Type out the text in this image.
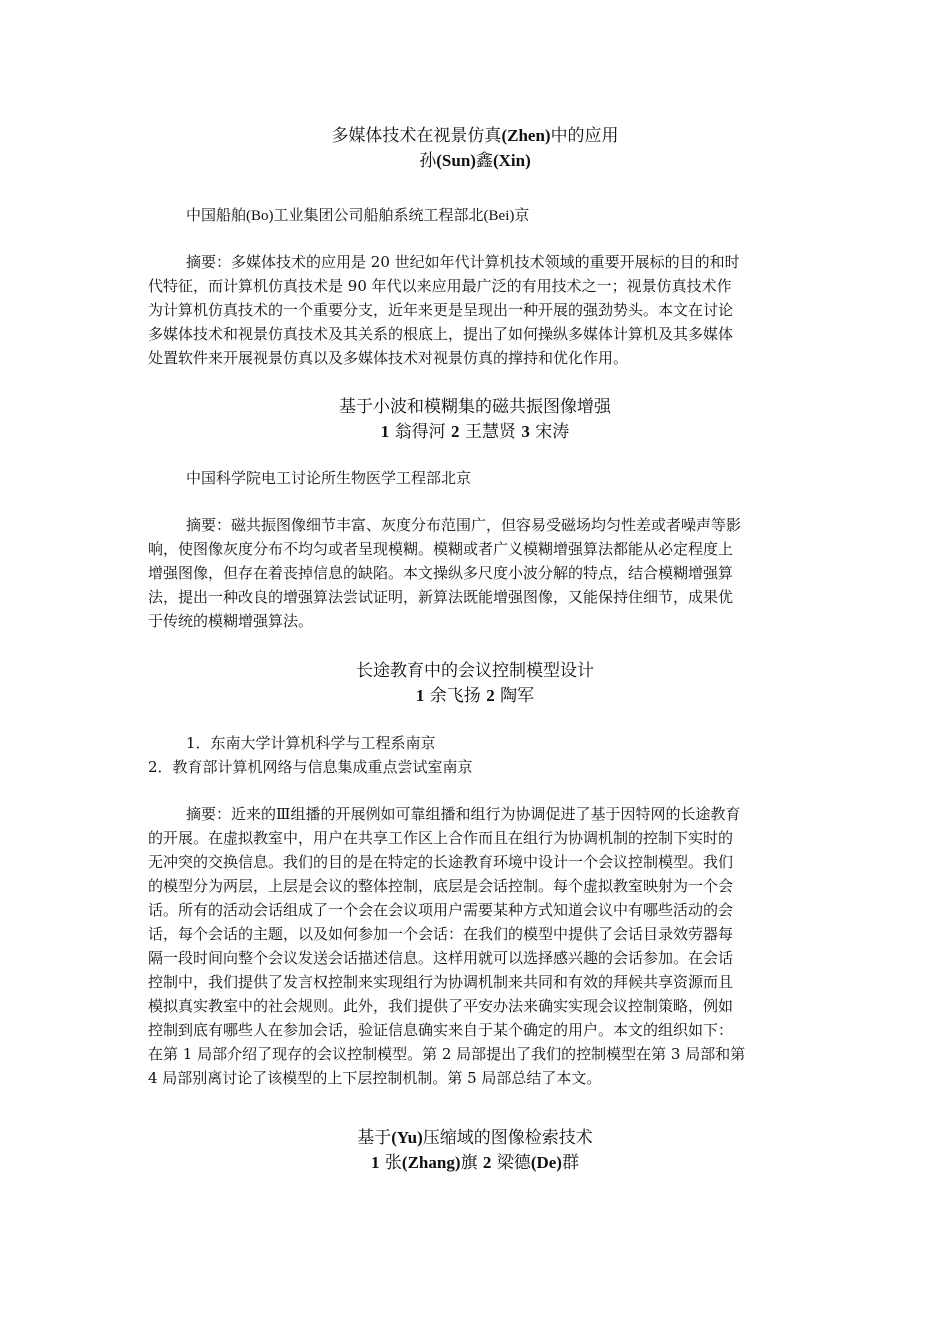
多媒体技术在视景仿真(Zhen)中的应用
孙(Sun)鑫(Xin)
中国船舶(Bo)工业集团公司船舶系统工程部北(Bei)京
摘要：多媒体技术的应用是 20 世纪如年代计算机技术领域的重要开展标的目的和时
代特征，而计算机仿真技术是 90 年代以来应用最广泛的有用技术之一；视景仿真技术作
为计算机仿真技术的一个重要分支，近年来更是呈现出一种开展的强劲势头。本文在讨论
多媒体技术和视景仿真技术及其关系的根底上，提出了如何操纵多媒体计算机及其多媒体
处置软件来开展视景仿真以及多媒体技术对视景仿真的撑持和优化作用。
基于小波和模糊集的磁共振图像增强
1 翁得河 2 王慧贤 3 宋涛
中国科学院电工讨论所生物医学工程部北京
摘要：磁共振图像细节丰富、灰度分布范围广，但容易受磁场均匀性差或者噪声等影
响，使图像灰度分布不均匀或者呈现模糊。模糊或者广义模糊增强算法都能从必定程度上
增强图像，但存在着丧掉信息的缺陷。本文操纵多尺度小波分解的特点，结合模糊增强算
法，提出一种改良的增强算法尝试证明，新算法既能增强图像，又能保持住细节，成果优
于传统的模糊增强算法。
长途教育中的会议控制模型设计
1 余飞扬 2 陶军
1．东南大学计算机科学与工程系南京
2．教育部计算机网络与信息集成重点尝试室南京
摘要：近来的Ⅲ组播的开展例如可靠组播和组行为协调促进了基于因特网的长途教育
的开展。在虚拟教室中，用户在共享工作区上合作而且在组行为协调机制的控制下实时的
无冲突的交换信息。我们的目的是在特定的长途教育环境中设计一个会议控制模型。我们
的模型分为两层，上层是会议的整体控制，底层是会话控制。每个虚拟教室映射为一个会
话。所有的活动会话组成了一个会在会议项用户需要某种方式知道会议中有哪些活动的会
话，每个会话的主题，以及如何参加一个会话：在我们的模型中提供了会话目录效劳器每
隔一段时间向整个会议发送会话描述信息。这样用就可以选择感兴趣的会话参加。在会话
控制中，我们提供了发言权控制来实现组行为协调机制来共同和有效的拜候共享资源而且
模拟真实教室中的社会规则。此外，我们提供了平安办法来确实实现会议控制策略，例如
控制到底有哪些人在参加会话，验证信息确实来自于某个确定的用户。本文的组织如下：
在第 1 局部介绍了现存的会议控制模型。第 2 局部提出了我们的控制模型在第 3 局部和第
4 局部别离讨论了该模型的上下层控制机制。第 5 局部总结了本文。
基于(Yu)压缩域的图像检索技术
1 张(Zhang)旗 2 梁德(De)群
